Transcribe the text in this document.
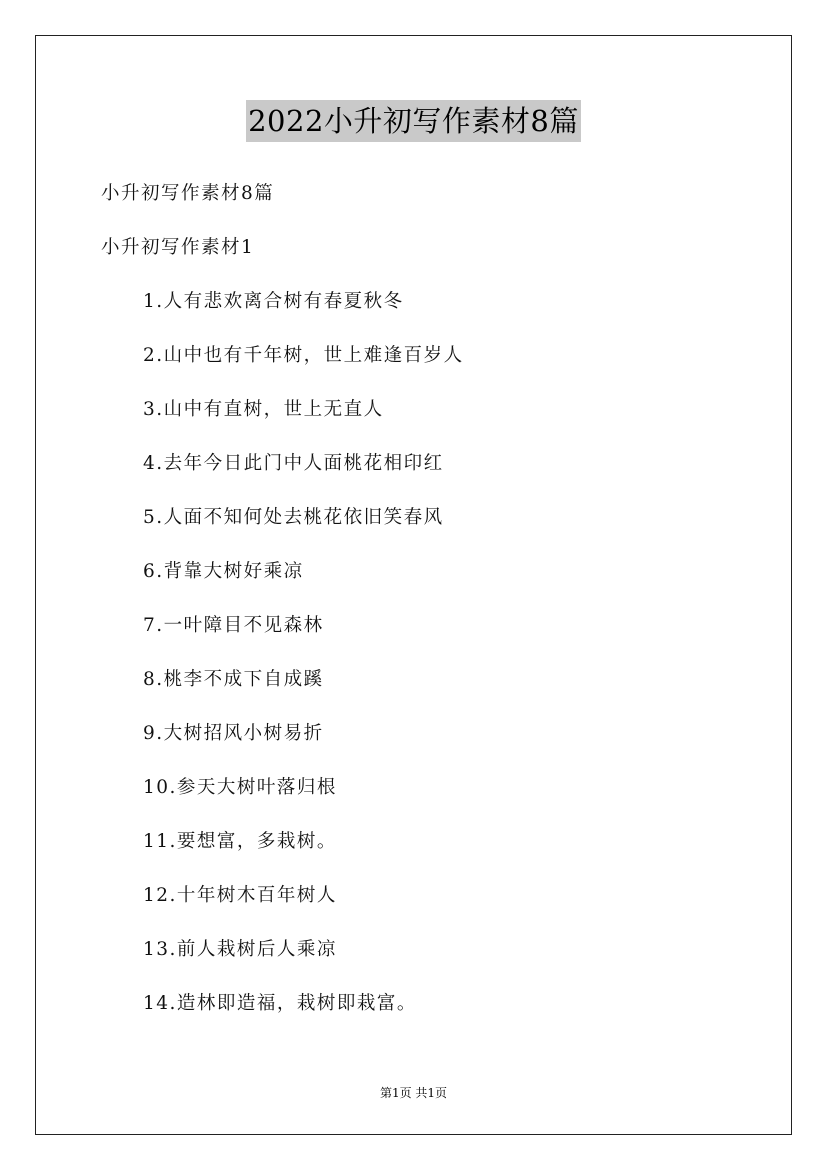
2022小升初写作素材8篇
小升初写作素材8篇
小升初写作素材1
1.人有悲欢离合树有春夏秋冬
2.山中也有千年树，世上难逢百岁人
3.山中有直树，世上无直人
4.去年今日此门中人面桃花相印红
5.人面不知何处去桃花依旧笑春风
6.背靠大树好乘凉
7.一叶障目不见森林
8.桃李不成下自成蹊
9.大树招风小树易折
10.参天大树叶落归根
11.要想富，多栽树。
12.十年树木百年树人
13.前人栽树后人乘凉
14.造林即造福，栽树即栽富。
第1页 共1页
